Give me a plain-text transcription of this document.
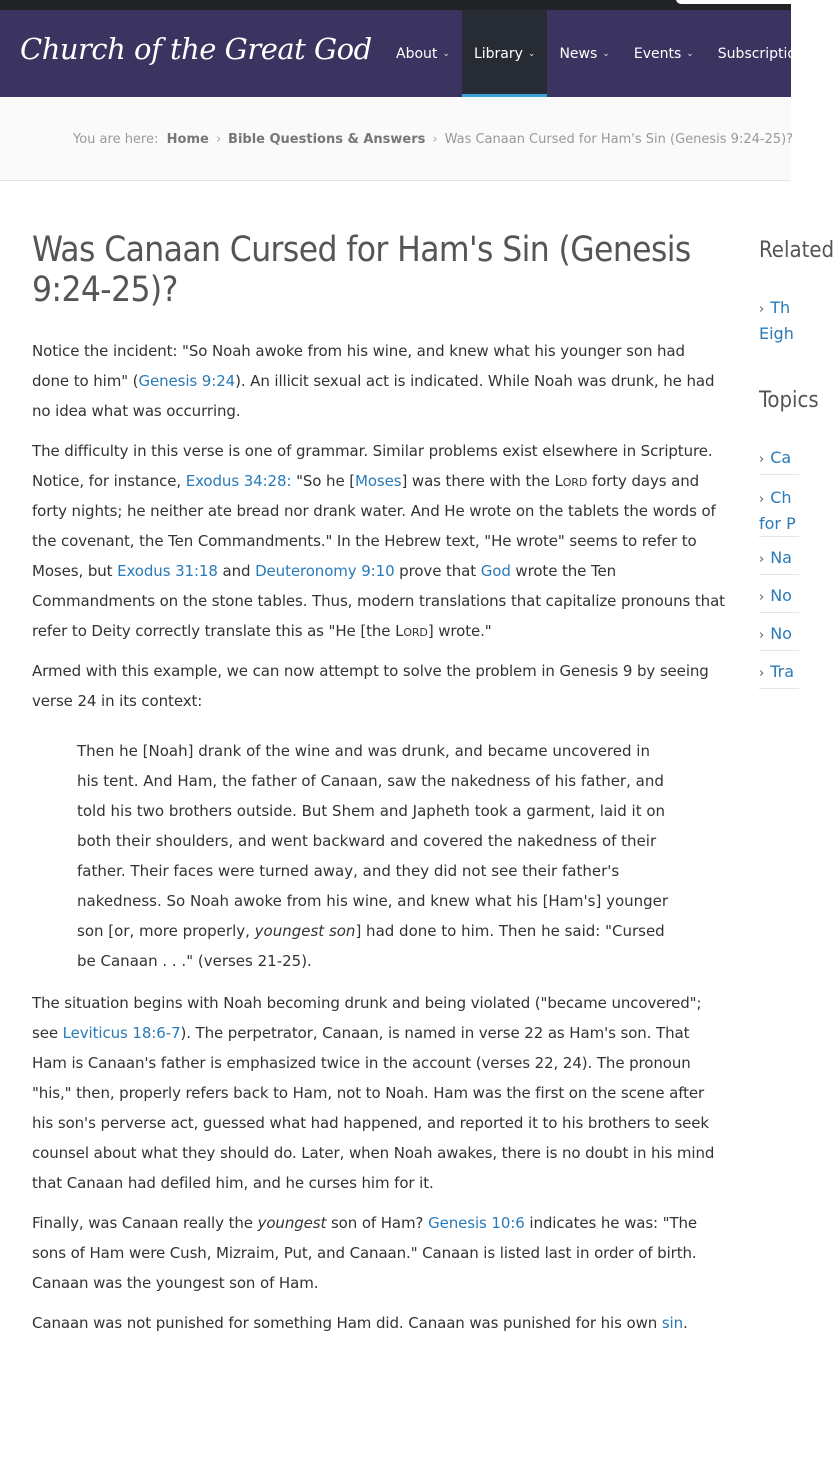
Church of the Great God About ⌄ Library ⌄ News ⌄ Events ⌄ Subscriptions
You are here: Home › Bible Questions & Answers › Was Canaan Cursed for Ham's Sin (Genesis 9:24-25)?
Was Canaan Cursed for Ham's Sin (Genesis 9:24-25)?

Notice the incident: "So Noah awoke from his wine, and knew what his younger son had done to him" (Genesis 9:24). An illicit sexual act is indicated. While Noah was drunk, he had no idea what was occurring.

The difficulty in this verse is one of grammar. Similar problems exist elsewhere in Scripture. Notice, for instance, Exodus 34:28: "So he [Moses] was there with the Lord forty days and forty nights; he neither ate bread nor drank water. And He wrote on the tablets the words of the covenant, the Ten Commandments." In the Hebrew text, "He wrote" seems to refer to Moses, but Exodus 31:18 and Deuteronomy 9:10 prove that God wrote the Ten Commandments on the stone tables. Thus, modern translations that capitalize pronouns that refer to Deity correctly translate this as "He [the Lord] wrote."

Armed with this example, we can now attempt to solve the problem in Genesis 9 by seeing verse 24 in its context:

Then he [Noah] drank of the wine and was drunk, and became uncovered in his tent. And Ham, the father of Canaan, saw the nakedness of his father, and told his two brothers outside. But Shem and Japheth took a garment, laid it on both their shoulders, and went backward and covered the nakedness of their father. Their faces were turned away, and they did not see their father's nakedness. So Noah awoke from his wine, and knew what his [Ham's] younger son [or, more properly, youngest son] had done to him. Then he said: "Cursed be Canaan . . ." (verses 21-25).

The situation begins with Noah becoming drunk and being violated ("became uncovered"; see Leviticus 18:6-7). The perpetrator, Canaan, is named in verse 22 as Ham's son. That Ham is Canaan's father is emphasized twice in the account (verses 22, 24). The pronoun "his," then, properly refers back to Ham, not to Noah. Ham was the first on the scene after his son's perverse act, guessed what had happened, and reported it to his brothers to seek counsel about what they should do. Later, when Noah awakes, there is no doubt in his mind that Canaan had defiled him, and he curses him for it.

Finally, was Canaan really the youngest son of Ham? Genesis 10:6 indicates he was: "The sons of Ham were Cush, Mizraim, Put, and Canaan." Canaan is listed last in order of birth. Canaan was the youngest son of Ham.

Canaan was not punished for something Ham did. Canaan was punished for his own sin.

Related
› Th
Eigh
Topics
› Ca
› Ch
for P
› Na
› No
› No
› Tra
